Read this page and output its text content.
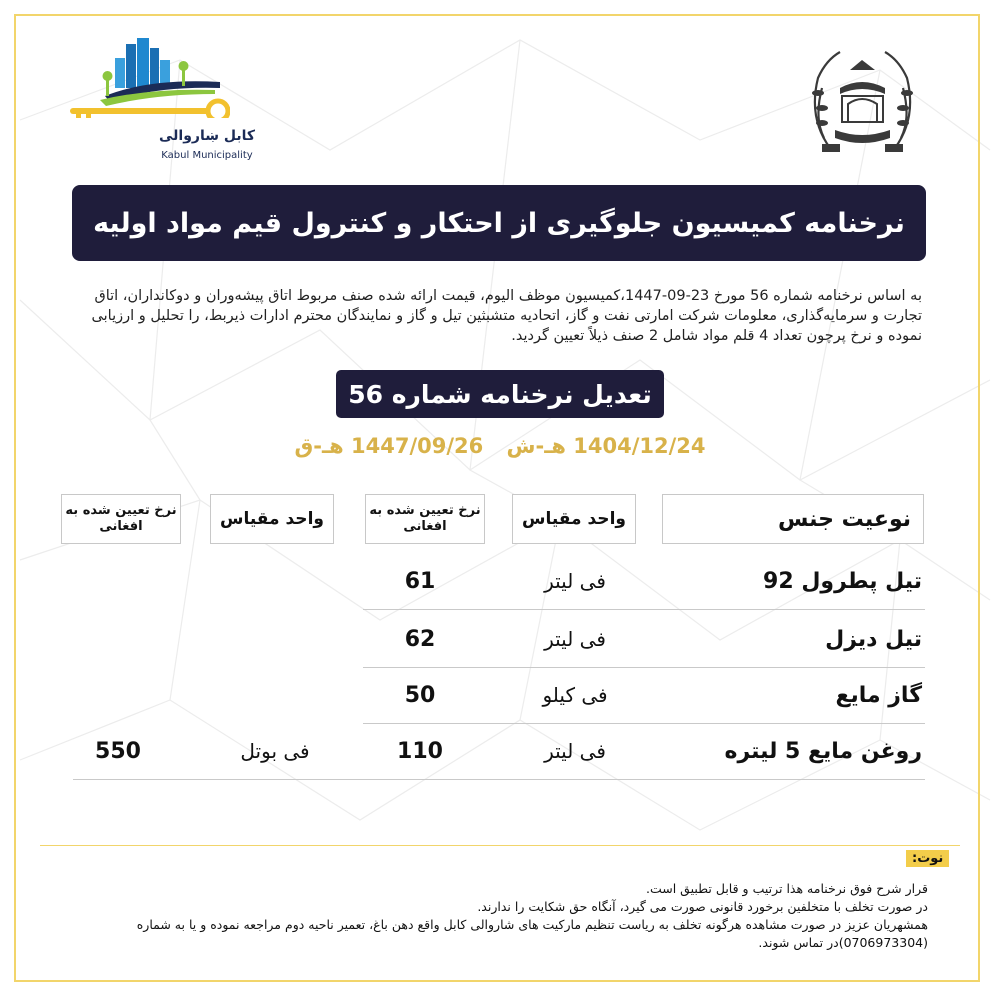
کابل ښاروالی
Kabul Municipality
نرخنامه کمیسیون جلوگیری از احتکار و کنترول قیم مواد اولیه
به اساس نرخنامه شماره 56 مورخ 23-09-1447،کمیسیون موظف الیوم، قیمت ارائه شده صنف مربوط اتاق پیشه‌وران و دوکانداران، اتاق تجارت و سرمایه‌گذاری، معلومات شرکت امارتی نفت و گاز، اتحادیه متشبثین تیل و گاز و نمایندگان محترم ادارات ذیربط، را تحلیل و ارزیابی نموده و نرخ پرچون تعداد 4 قلم مواد شامل 2 صنف ذیلاً تعیین گردید.
تعدیل نرخنامه شماره 56
1404/12/24 هـ-ش 1447/09/26 هـ-ق
نوعیت جنس
واحد مقیاس
نرخ تعیین شده به افغانی
واحد مقیاس
نرخ تعیین شده به افغانی
تیل پطرول 92
فی لیتر
61
تیل دیزل
فی لیتر
62
گاز مایع
فی کیلو
50
روغن مایع 5 لیتره
فی لیتر
110
فی بوتل
550
نوت:
قرار شرح فوق نرخنامه هذا ترتیب و قابل تطبیق است.
در صورت تخلف با متخلفین برخورد قانونی صورت می گیرد، آنگاه حق شکایت را ندارند.
همشهریان عزیز در صورت مشاهده هرگونه تخلف به ریاست تنظیم مارکیت های شاروالی کابل واقع دهن باغ، تعمیر ناحیه دوم مراجعه نموده و یا به شماره (0706973304)در تماس شوند.
